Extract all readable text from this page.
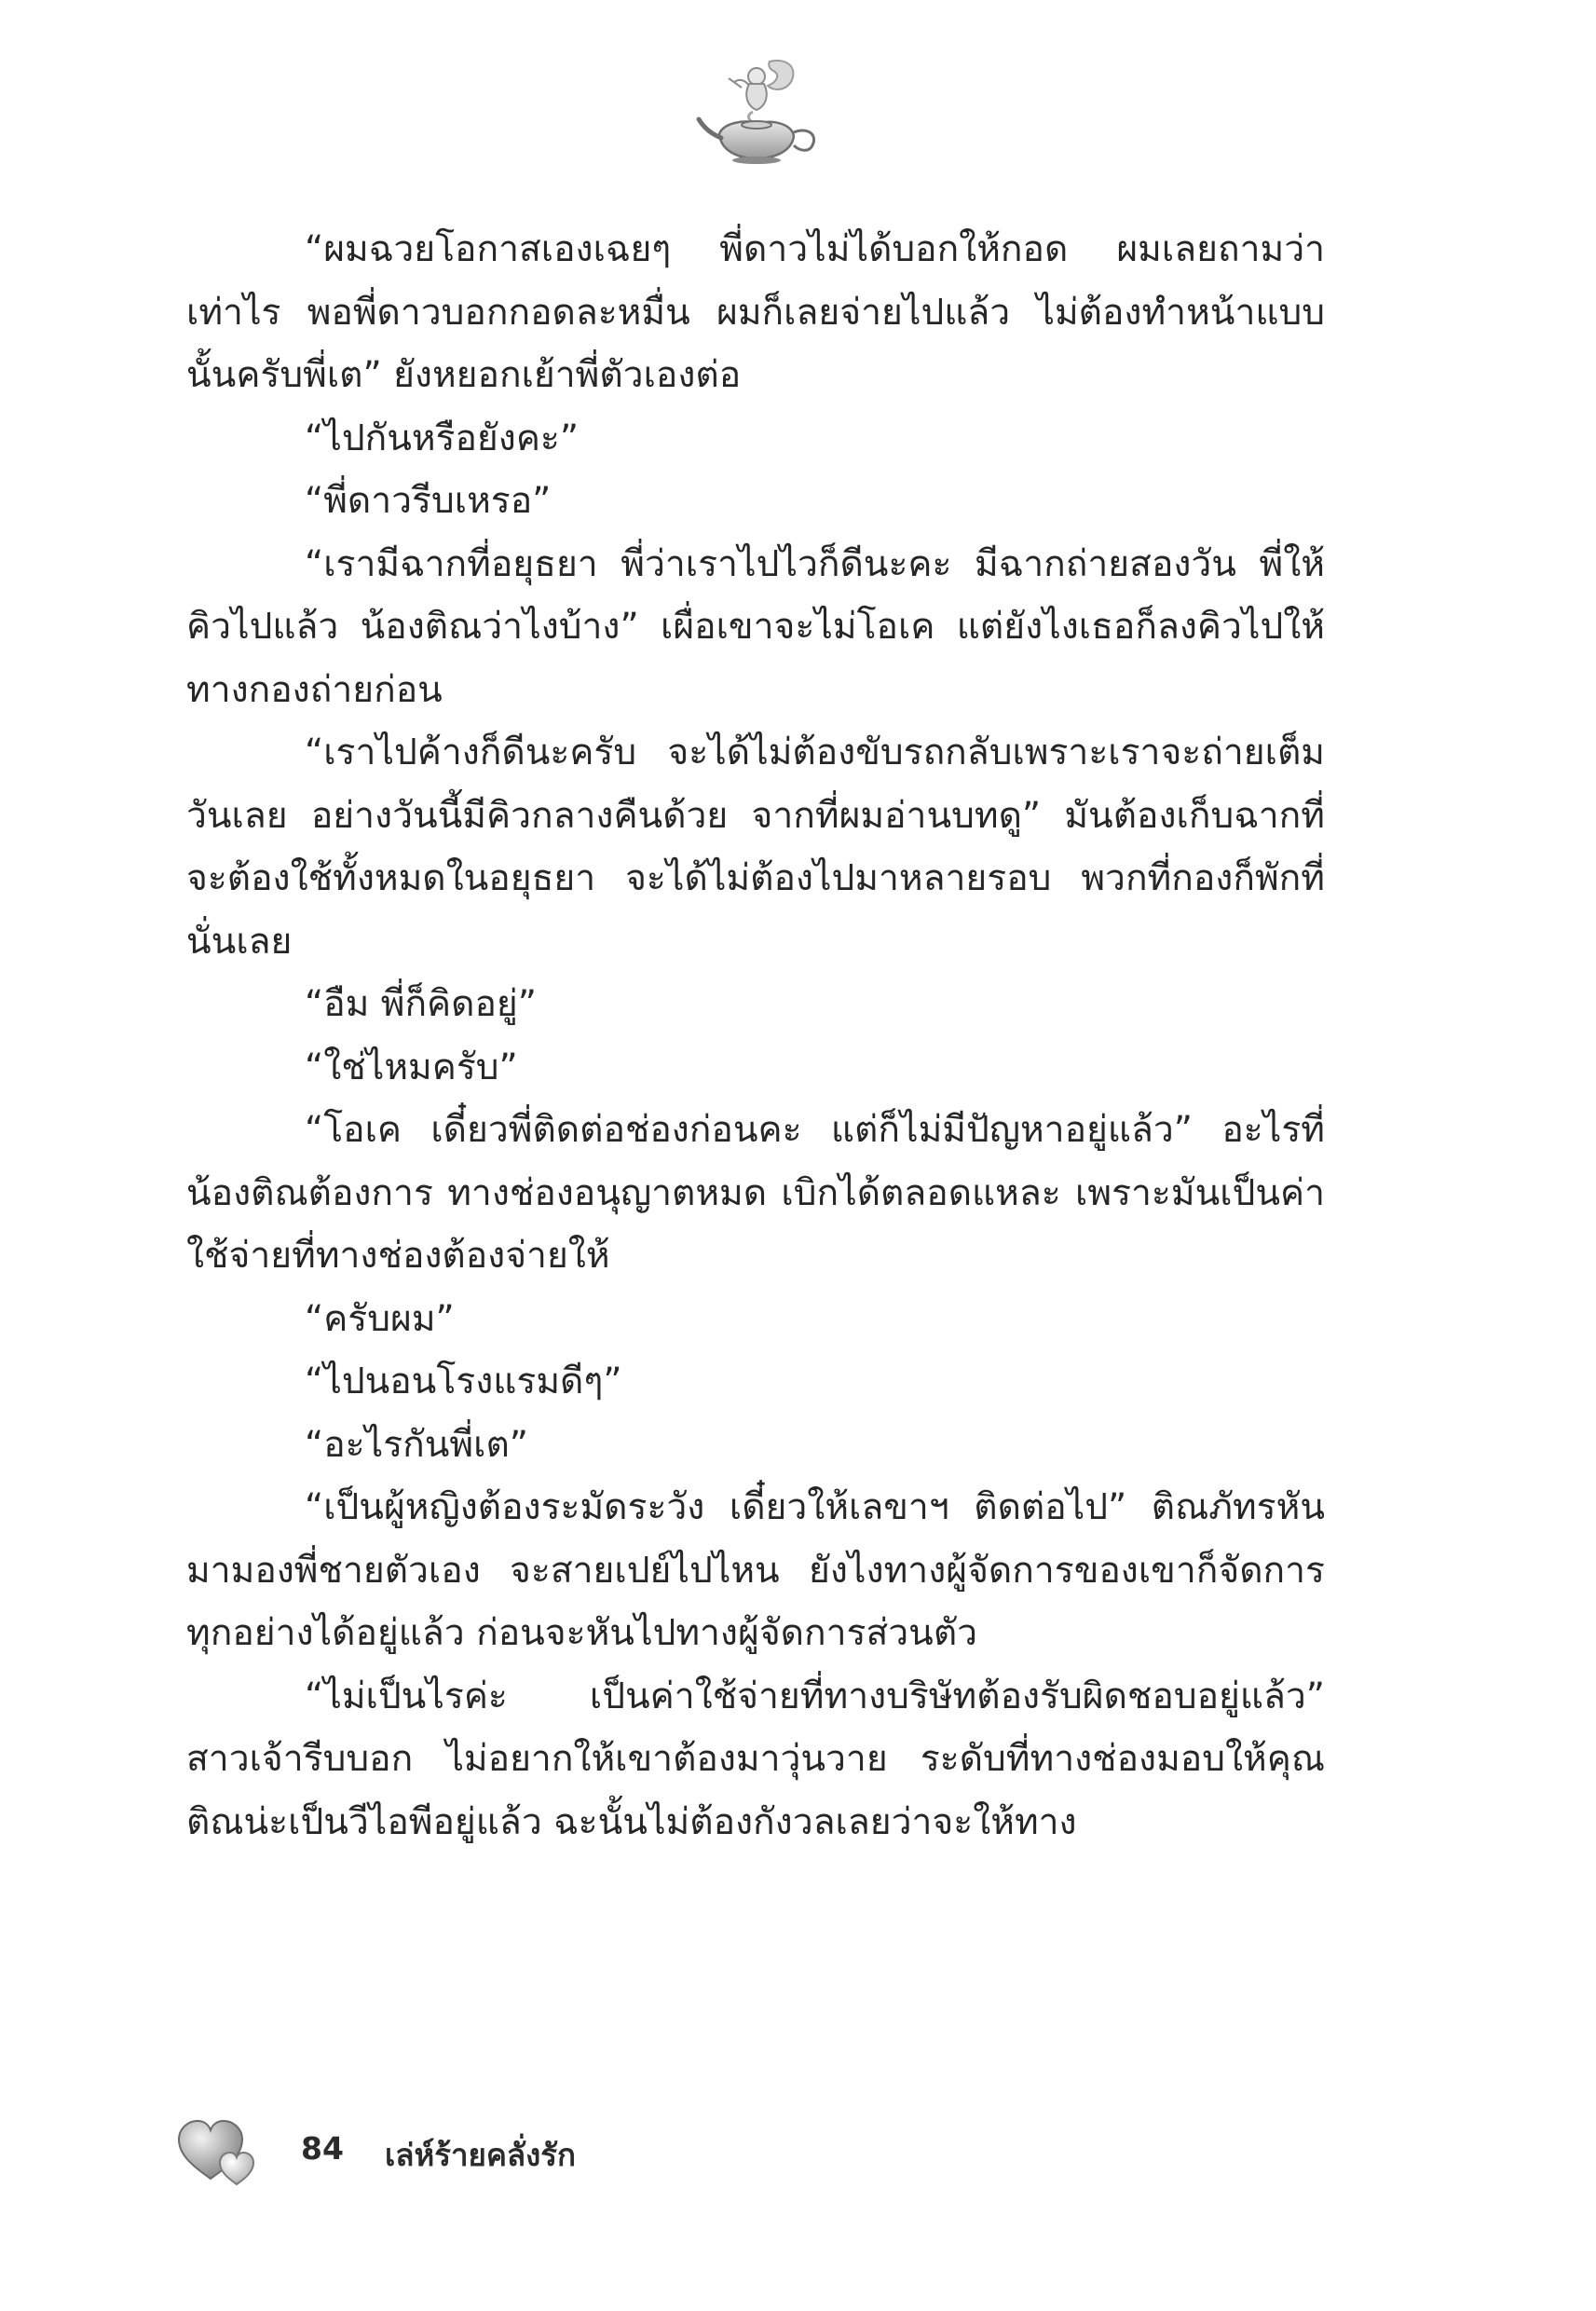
“ผมฉวยโอกาสเองเฉยๆ พี่ดาวไม่ได้บอกให้กอด ผมเลยถามว่าเท่าไร พอพี่ดาวบอกกอดละหมื่น ผมก็เลยจ่ายไปแล้ว ไม่ต้องทำหน้าแบบนั้นครับพี่เต” ยังหยอกเย้าพี่ตัวเองต่อ

“ไปกันหรือยังคะ”

“พี่ดาวรีบเหรอ”

“เรามีฉากที่อยุธยา พี่ว่าเราไปไวก็ดีนะคะ มีฉากถ่ายสองวัน พี่ให้คิวไปแล้ว น้องติณว่าไงบ้าง” เผื่อเขาจะไม่โอเค แต่ยังไงเธอก็ลงคิวไปให้ทางกองถ่ายก่อน

“เราไปค้างก็ดีนะครับ จะได้ไม่ต้องขับรถกลับเพราะเราจะถ่ายเต็มวันเลย อย่างวันนี้มีคิวกลางคืนด้วย จากที่ผมอ่านบทดู” มันต้องเก็บฉากที่จะต้องใช้ทั้งหมดในอยุธยา จะได้ไม่ต้องไปมาหลายรอบ พวกที่กองก็พักที่นั่นเลย

“อืม พี่ก็คิดอยู่”

“ใช่ไหมครับ”

“โอเค เดี๋ยวพี่ติดต่อช่องก่อนคะ แต่ก็ไม่มีปัญหาอยู่แล้ว” อะไรที่น้องติณต้องการ ทางช่องอนุญาตหมด เบิกได้ตลอดแหละ เพราะมันเป็นค่าใช้จ่ายที่ทางช่องต้องจ่ายให้

“ครับผม”

“ไปนอนโรงแรมดีๆ”

“อะไรกันพี่เต”

“เป็นผู้หญิงต้องระมัดระวัง เดี๋ยวให้เลขาฯ ติดต่อไป” ติณภัทรหันมามองพี่ชายตัวเอง จะสายเปย์ไปไหน ยังไงทางผู้จัดการของเขาก็จัดการทุกอย่างได้อยู่แล้ว ก่อนจะหันไปทางผู้จัดการส่วนตัว

“ไม่เป็นไรค่ะ เป็นค่าใช้จ่ายที่ทางบริษัทต้องรับผิดชอบอยู่แล้ว” สาวเจ้ารีบบอก ไม่อยากให้เขาต้องมาวุ่นวาย ระดับที่ทางช่องมอบให้คุณติณน่ะเป็นวีไอพีอยู่แล้ว ฉะนั้นไม่ต้องกังวลเลยว่าจะให้ทาง

84 เล่ห์ร้ายคลั่งรัก
